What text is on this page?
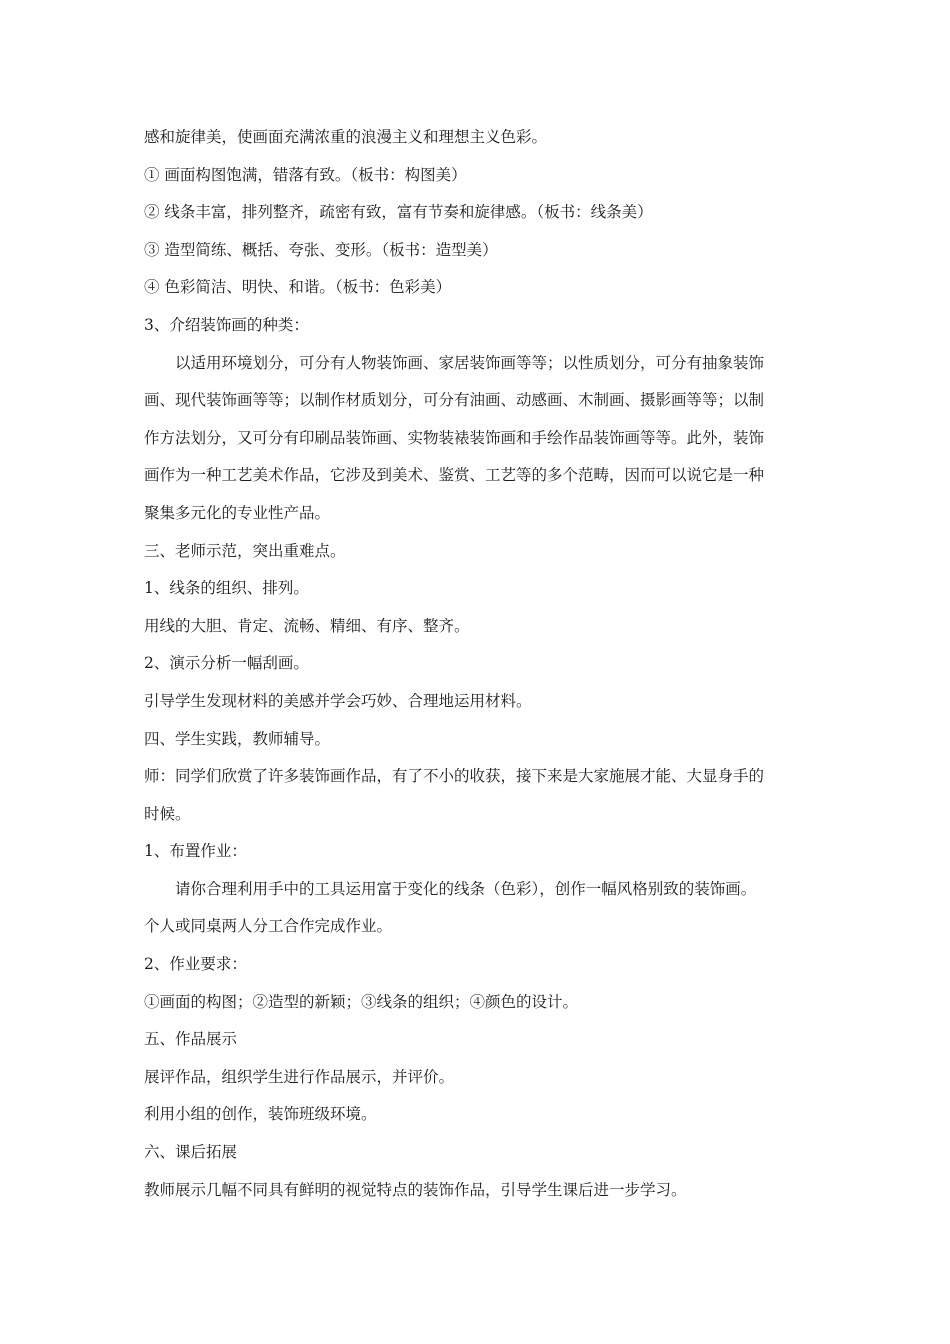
感和旋律美，使画面充满浓重的浪漫主义和理想主义色彩。
① 画面构图饱满，错落有致。（板书：构图美）
② 线条丰富，排列整齐，疏密有致，富有节奏和旋律感。（板书：线条美）
③ 造型简练、概括、夸张、变形。（板书：造型美）
④ 色彩简洁、明快、和谐。（板书：色彩美）
3、介绍装饰画的种类：
以适用环境划分，可分有人物装饰画、家居装饰画等等；以性质划分，可分有抽象装饰
画、现代装饰画等等；以制作材质划分，可分有油画、动感画、木制画、摄影画等等；以制
作方法划分，又可分有印刷品装饰画、实物装裱装饰画和手绘作品装饰画等等。此外，装饰
画作为一种工艺美术作品，它涉及到美术、鉴赏、工艺等的多个范畴，因而可以说它是一种
聚集多元化的专业性产品。
三、老师示范，突出重难点。
1、线条的组织、排列。
用线的大胆、肯定、流畅、精细、有序、整齐。
2、演示分析一幅刮画。
引导学生发现材料的美感并学会巧妙、合理地运用材料。
四、学生实践，教师辅导。
师：同学们欣赏了许多装饰画作品，有了不小的收获，接下来是大家施展才能、大显身手的
时候。
1、布置作业：
请你合理利用手中的工具运用富于变化的线条（色彩），创作一幅风格别致的装饰画。
个人或同桌两人分工合作完成作业。
2、作业要求：
①画面的构图；②造型的新颖；③线条的组织；④颜色的设计。
五、作品展示
展评作品，组织学生进行作品展示，并评价。
利用小组的创作，装饰班级环境。
六、课后拓展
教师展示几幅不同具有鲜明的视觉特点的装饰作品，引导学生课后进一步学习。
